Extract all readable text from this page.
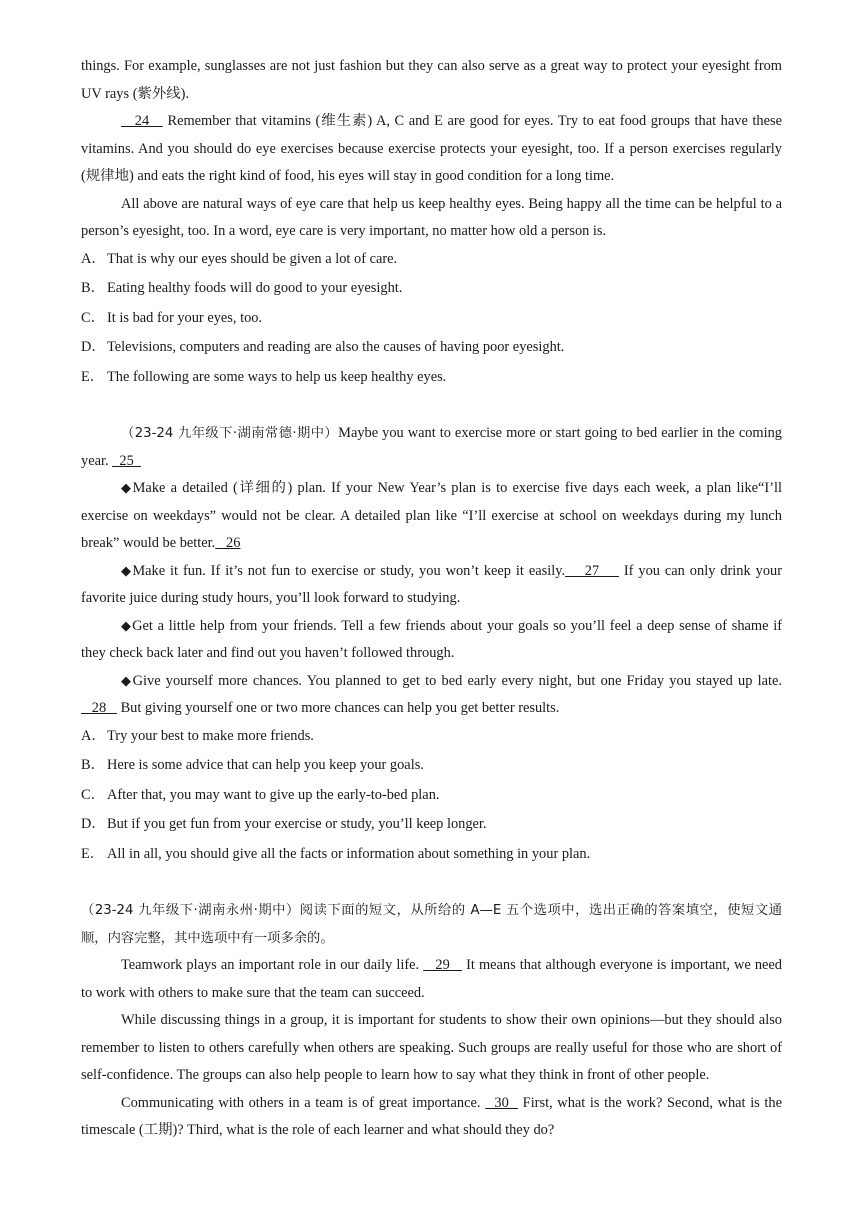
things. For example, sunglasses are not just fashion but they can also serve as a great way to protect your eyesight from UV rays (紫外线).

24    Remember that vitamins (维生素) A, C and E are good for eyes. Try to eat food groups that have these vitamins. And you should do eye exercises because exercise protects your eyesight, too. If a person exercises regularly (规律地) and eats the right kind of food, his eyes will stay in good condition for a long time.

All above are natural ways of eye care that help us keep healthy eyes. Being happy all the time can be helpful to a person’s eyesight, too. In a word, eye care is very important, no matter how old a person is.

A．That is why our eyes should be given a lot of care.

B． Eating healthy foods will do good to your eyesight.

C． It is bad for your eyes, too.

D．Televisions, computers and reading are also the causes of having poor eyesight.

E． The following are some ways to help us keep healthy eyes.

（23-24 九年级下·湖南常德·期中）Maybe you want to exercise more or start going to bed earlier in the coming year.   25

◆Make a detailed (详细的) plan. If your New Year’s plan is to exercise five days each week, a plan like“I’ll exercise on weekdays” would not be clear. A detailed plan like “I’ll exercise at school on weekdays during my lunch break” would be better.   26

◆Make it fun. If it’s not fun to exercise or study, you won’t keep it easily.    27     If you can only drink your favorite juice during study hours, you’ll look forward to studying.

◆Get a little help from your friends. Tell a few friends about your goals so you’ll feel a deep sense of shame if they check back later and find out you haven’t followed through.

◆Give yourself more chances. You planned to get to bed early every night, but one Friday you stayed up late.   28    But giving yourself one or two more chances can help you get better results.

A．Try your best to make more friends.

B． Here is some advice that can help you keep your goals.

C． After that, you may want to give up the early-to-bed plan.

D．But if you get fun from your exercise or study, you’ll keep longer.

E． All in all, you should give all the facts or information about something in your plan.

（23-24 九年级下·湖南永州·期中）阅读下面的短文，从所给的 A—E 五个选项中，选出正确的答案填空，使短文通顺，内容完整，其中选项中有一项多余的。

Teamwork plays an important role in our daily life.    29    It means that although everyone is important, we need to work with others to make sure that the team can succeed.

While discussing things in a group, it is important for students to show their own opinions—but they should also remember to listen to others carefully when others are speaking. Such groups are really useful for those who are short of self-confidence. The groups can also help people to learn how to say what they think in front of other people.

Communicating with others in a team is of great importance.   30   First, what is the work? Second, what is the timescale (工期)? Third, what is the role of each learner and what should they do?
